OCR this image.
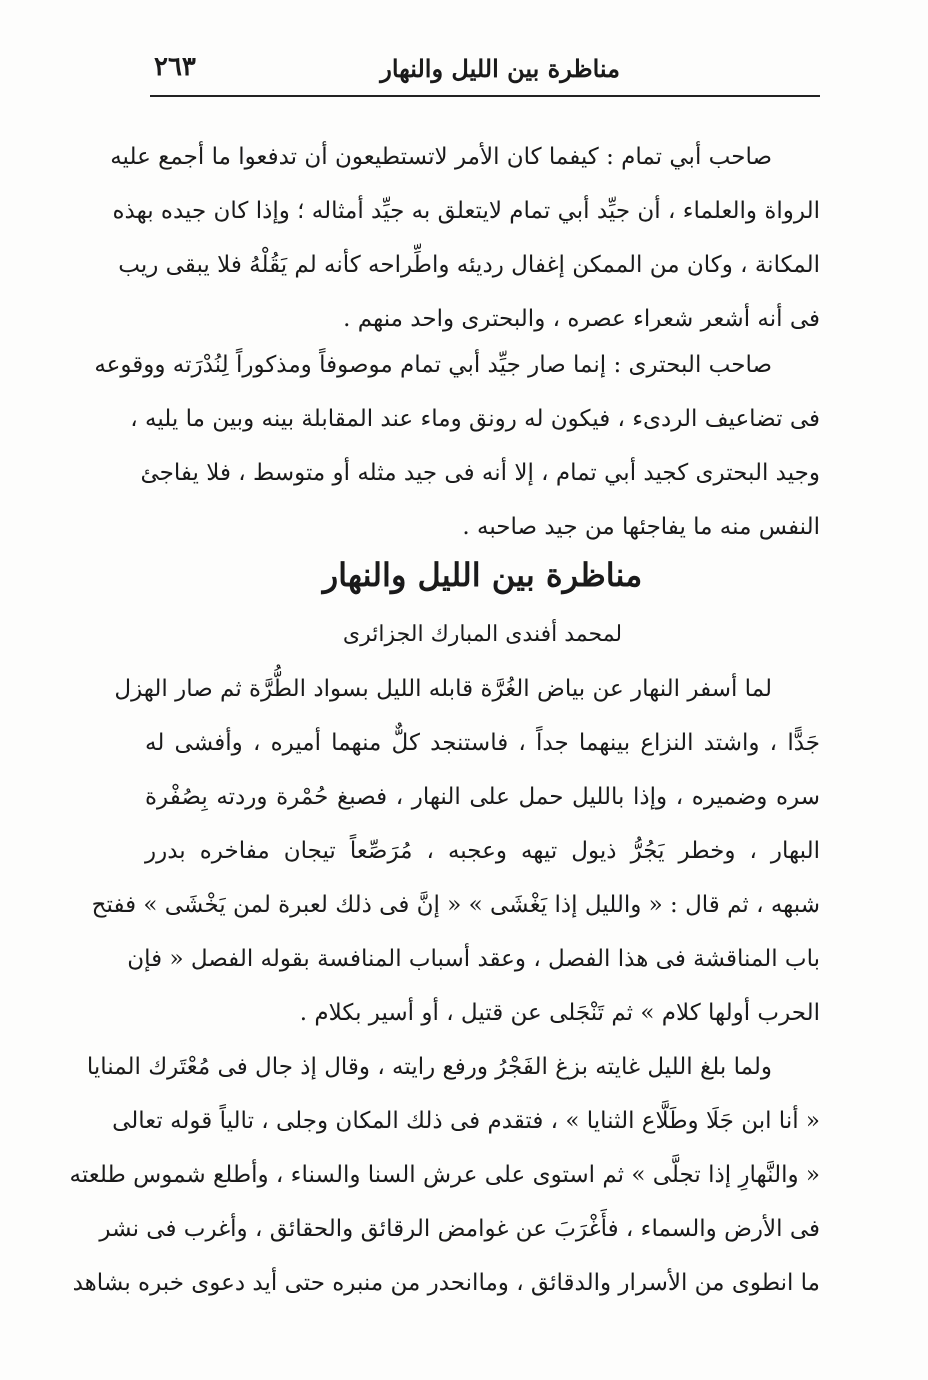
مناظرة بين الليل والنهار
٢٦٣
صاحب أبي تمام : كيفما كان الأمر لاتستطيعون أن تدفعوا ما أجمع عليه
الرواة والعلماء ، أن جيِّد أبي تمام لايتعلق به جيِّد أمثاله ؛ وإذا كان جيده بهذه
المكانة ، وكان من الممكن إغفال رديئه واطِّراحه كأنه لم يَقُلْهُ فلا يبقى ريب
فى أنه أشعر شعراء عصره ، والبحترى واحد منهم .
صاحب البحترى : إنما صار جيِّد أبي تمام موصوفاً ومذكوراً لِنُدْرَته ووقوعه
فى تضاعيف الردىء ، فيكون له رونق وماء عند المقابلة بينه وبين ما يليه ،
وجيد البحترى كجيد أبي تمام ، إلا أنه فى جيد مثله أو متوسط ، فلا يفاجئ
النفس منه ما يفاجئها من جيد صاحبه .
مناظرة بين الليل والنهار
لمحمد أفندى المبارك الجزائرى
لما أسفر النهار عن بياض الغُرَّة قابله الليل بسواد الطُّرَّة ثم صار الهزل
جَدًّا ، واشتد النزاع بينهما جداً ، فاستنجد كلٌّ منهما أميره ، وأفشى له
سره وضميره ، وإذا بالليل حمل على النهار ، فصبغ حُمْرة وردته بِصُفْرة
البهار ، وخطر يَجُرُّ ذيول تيهه وعجبه ، مُرَصِّعاً تيجان مفاخره بدرر
شبهه ، ثم قال : « والليل إذا يَغْشَى » « إنَّ فى ذلك لعبرة لمن يَخْشَى » ففتح
باب المناقشة فى هذا الفصل ، وعقد أسباب المنافسة بقوله الفصل « فإن
الحرب أولها كلام » ثم تَنْجَلى عن قتيل ، أو أسير بكلام .
ولما بلغ الليل غايته بزغ الفَجْرُ ورفع رايته ، وقال إذ جال فى مُعْتَرك المنايا
« أنا ابن جَلَا وطَلَّاع الثنايا » ، فتقدم فى ذلك المكان وجلى ، تالياً قوله تعالى
« والنَّهارِ إذا تجلَّى » ثم استوى على عرش السنا والسناء ، وأطلع شموس طلعته
فى الأرض والسماء ، فأَغْرَبَ عن غوامض الرقائق والحقائق ، وأغرب فى نشر
ما انطوى من الأسرار والدقائق ، وماانحدر من منبره حتى أيد دعوى خبره بشاهد
